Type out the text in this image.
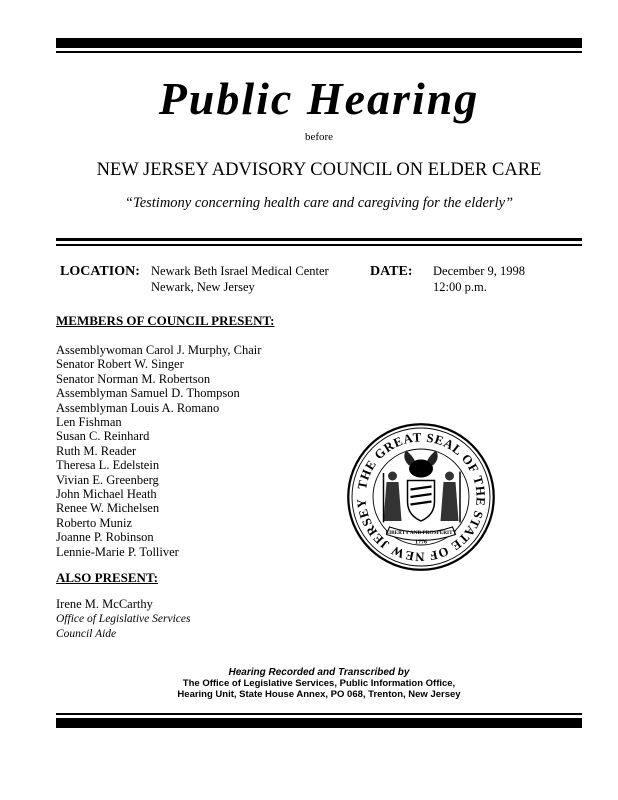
Public Hearing
before
NEW JERSEY ADVISORY COUNCIL ON ELDER CARE
“Testimony concerning health care and caregiving for the elderly”
LOCATION: Newark Beth Israel Medical Center
Newark, New Jersey
DATE: December 9, 1998
12:00 p.m.
MEMBERS OF COUNCIL PRESENT:
Assemblywoman Carol J. Murphy, Chair
Senator Robert W. Singer
Senator Norman M. Robertson
Assemblyman Samuel D. Thompson
Assemblyman Louis A. Romano
Len Fishman
Susan C. Reinhard
Ruth M. Reader
Theresa L. Edelstein
Vivian E. Greenberg
John Michael Heath
Renee W. Michelsen
Roberto Muniz
Joanne P. Robinson
Lennie-Marie P. Tolliver
ALSO PRESENT:
Irene M. McCarthy
Office of Legislative Services
Council Aide
THE GREAT SEAL OF THE STATE OF NEW JERSEY
LIBERTY AND PROSPERITY
1776
Hearing Recorded and Transcribed by
The Office of Legislative Services, Public Information Office,
Hearing Unit, State House Annex, PO 068, Trenton, New Jersey
